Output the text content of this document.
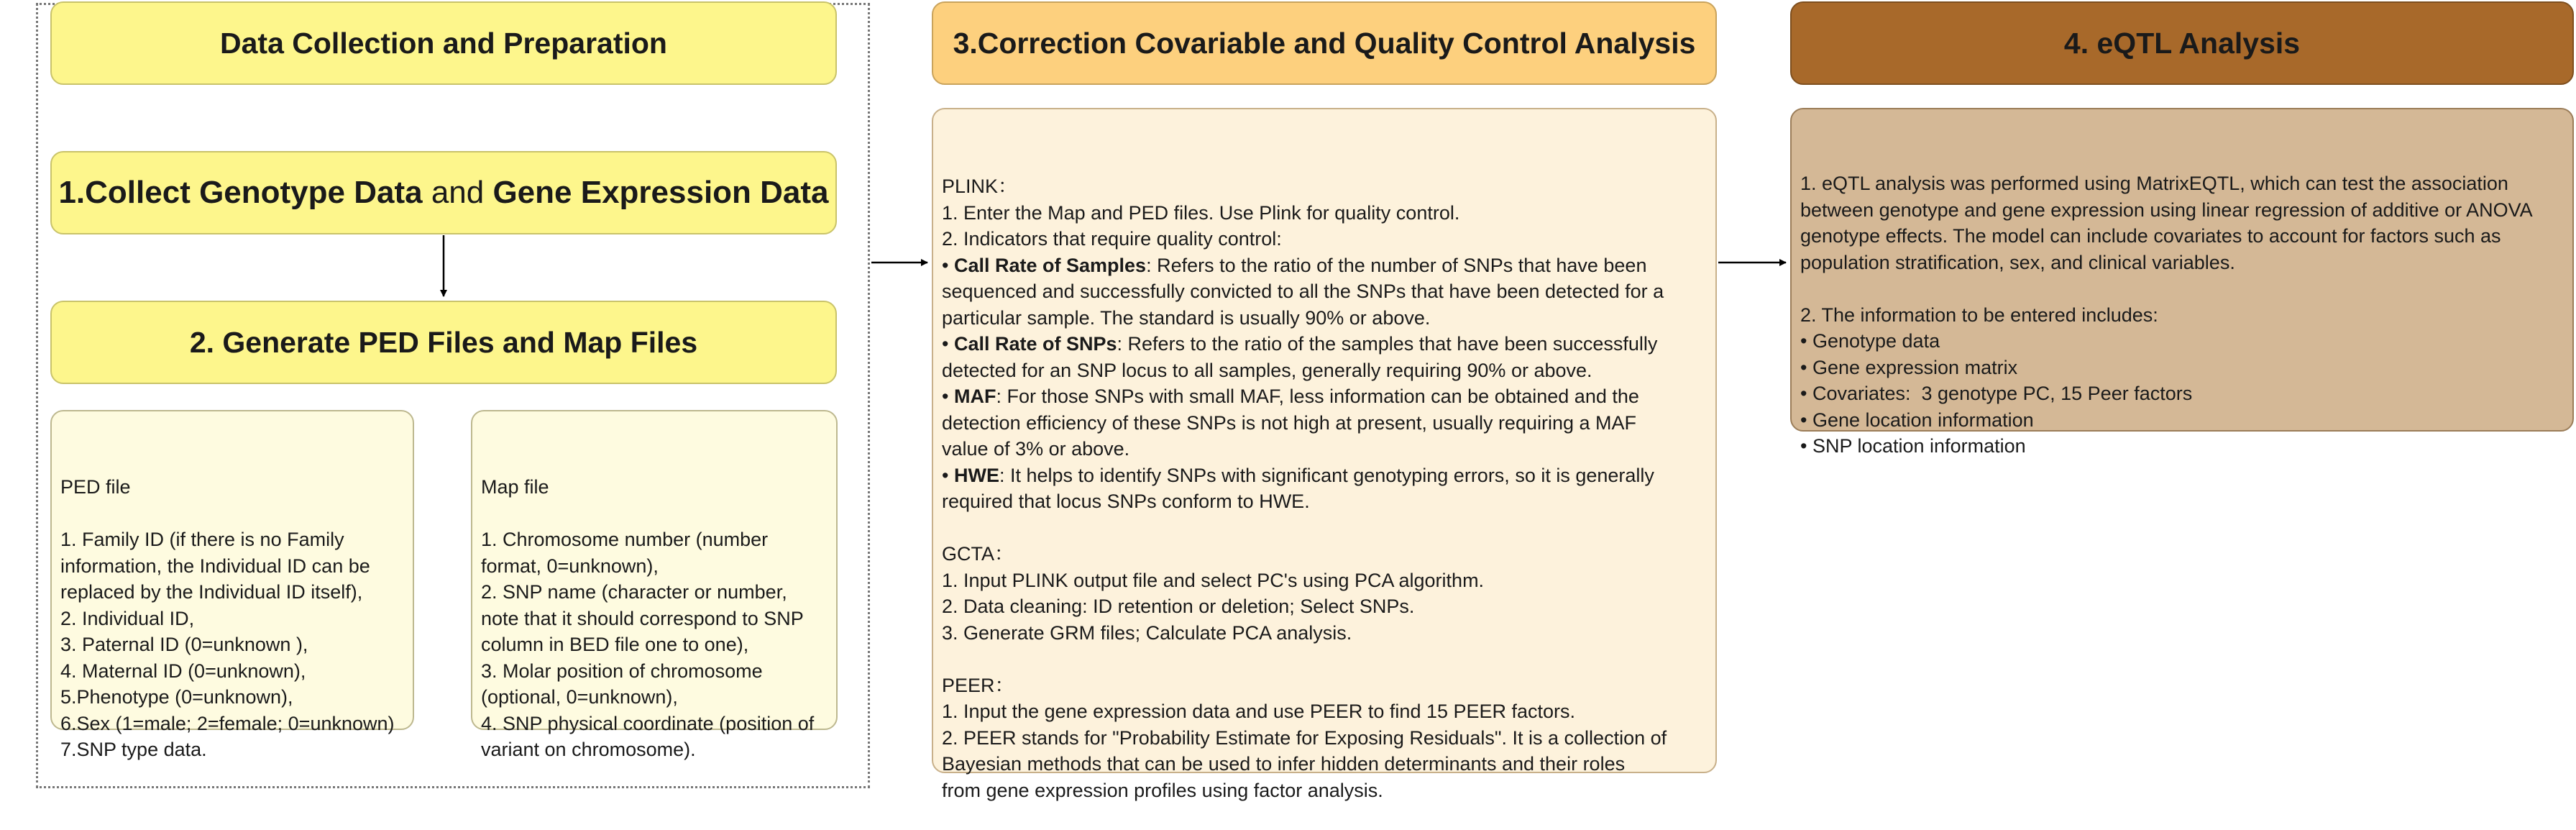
Data Collection and Preparation
1.Collect Genotype Data and Gene Expression Data
2. Generate PED Files and Map Files

PED file
1. Family ID (if there is no Family
information, the Individual ID can be
replaced by the Individual ID itself),
2. Individual ID,
3. Paternal ID (0=unknown ),
4. Maternal ID (0=unknown),
5.Phenotype (0=unknown),
6.Sex (1=male; 2=female; 0=unknown)
7.SNP type data.

Map file
1. Chromosome number (number
format, 0=unknown),
2. SNP name (character or number,
note that it should correspond to SNP
column in BED file one to one),
3. Molar position of chromosome
(optional, 0=unknown),
4. SNP physical coordinate (position of
variant on chromosome).

3.Correction Covariable and Quality Control Analysis

PLINK：
1. Enter the Map and PED files. Use Plink for quality control.
2. Indicators that require quality control:
• Call Rate of Samples: Refers to the ratio of the number of SNPs that have been
sequenced and successfully convicted to all the SNPs that have been detected for a
particular sample. The standard is usually 90% or above.
• Call Rate of SNPs: Refers to the ratio of the samples that have been successfully
detected for an SNP locus to all samples, generally requiring 90% or above.
• MAF: For those SNPs with small MAF, less information can be obtained and the
detection efficiency of these SNPs is not high at present, usually requiring a MAF
value of 3% or above.
• HWE: It helps to identify SNPs with significant genotyping errors, so it is generally
required that locus SNPs conform to HWE.
GCTA：
1. Input PLINK output file and select PC's using PCA algorithm.
2. Data cleaning: ID retention or deletion; Select SNPs.
3. Generate GRM files; Calculate PCA analysis.
PEER：
1. Input the gene expression data and use PEER to find 15 PEER factors.
2. PEER stands for "Probability Estimate for Exposing Residuals". It is a collection of
Bayesian methods that can be used to infer hidden determinants and their roles
from gene expression profiles using factor analysis.

4. eQTL Analysis

1. eQTL analysis was performed using MatrixEQTL, which can test the association
between genotype and gene expression using linear regression of additive or ANOVA
genotype effects. The model can include covariates to account for factors such as
population stratification, sex, and clinical variables.
2. The information to be entered includes:
• Genotype data
• Gene expression matrix
• Covariates:  3 genotype PC, 15 Peer factors
• Gene location information
• SNP location information
